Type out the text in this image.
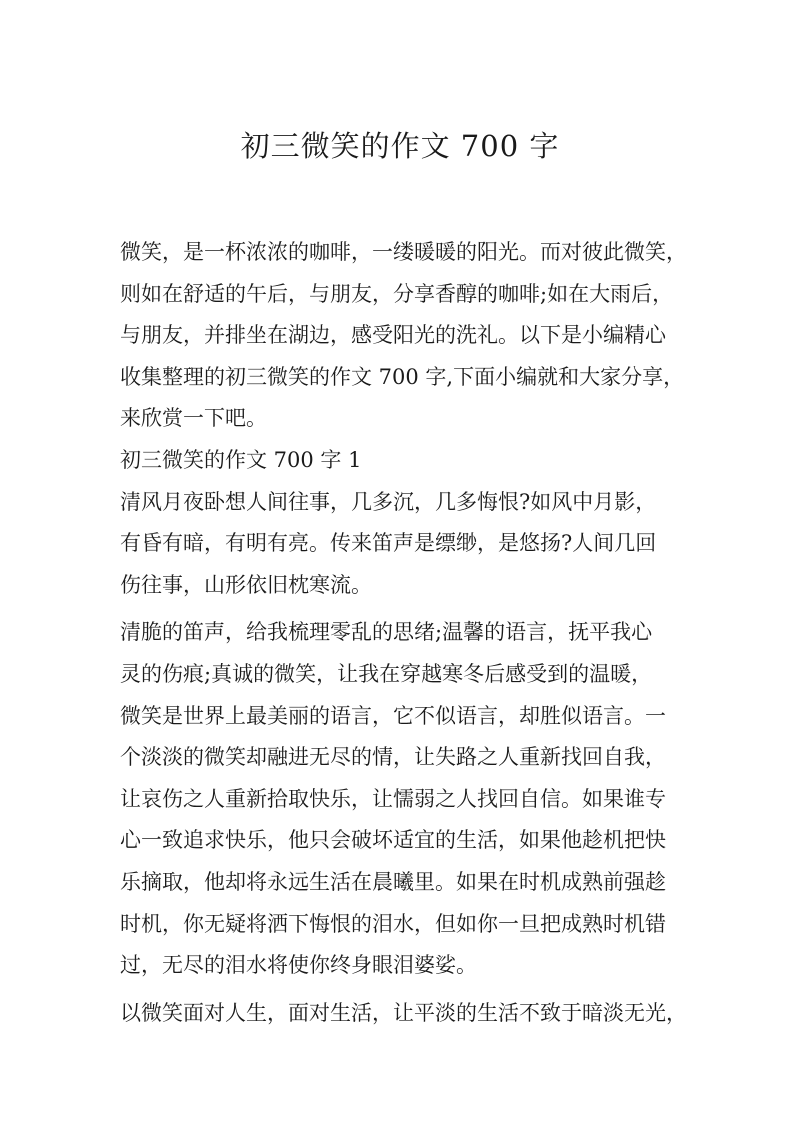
初三微笑的作文 700 字
微笑，是一杯浓浓的咖啡，一缕暖暖的阳光。而对彼此微笑，
则如在舒适的午后，与朋友，分享香醇的咖啡;如在大雨后，
与朋友，并排坐在湖边，感受阳光的洗礼。以下是小编精心
收集整理的初三微笑的作文 700 字,下面小编就和大家分享，
来欣赏一下吧。
初三微笑的作文 700 字 1
清风月夜卧想人间往事，几多沉，几多悔恨?如风中月影，
有昏有暗，有明有亮。传来笛声是缥缈，是悠扬?人间几回
伤往事，山形依旧枕寒流。
清脆的笛声，给我梳理零乱的思绪;温馨的语言，抚平我心
灵的伤痕;真诚的微笑，让我在穿越寒冬后感受到的温暖，
微笑是世界上最美丽的语言，它不似语言，却胜似语言。一
个淡淡的微笑却融进无尽的情，让失路之人重新找回自我，
让哀伤之人重新拾取快乐，让懦弱之人找回自信。如果谁专
心一致追求快乐，他只会破坏适宜的生活，如果他趁机把快
乐摘取，他却将永远生活在晨曦里。如果在时机成熟前强趁
时机，你无疑将洒下悔恨的泪水，但如你一旦把成熟时机错
过，无尽的泪水将使你终身眼泪婆娑。
以微笑面对人生，面对生活，让平淡的生活不致于暗淡无光，
